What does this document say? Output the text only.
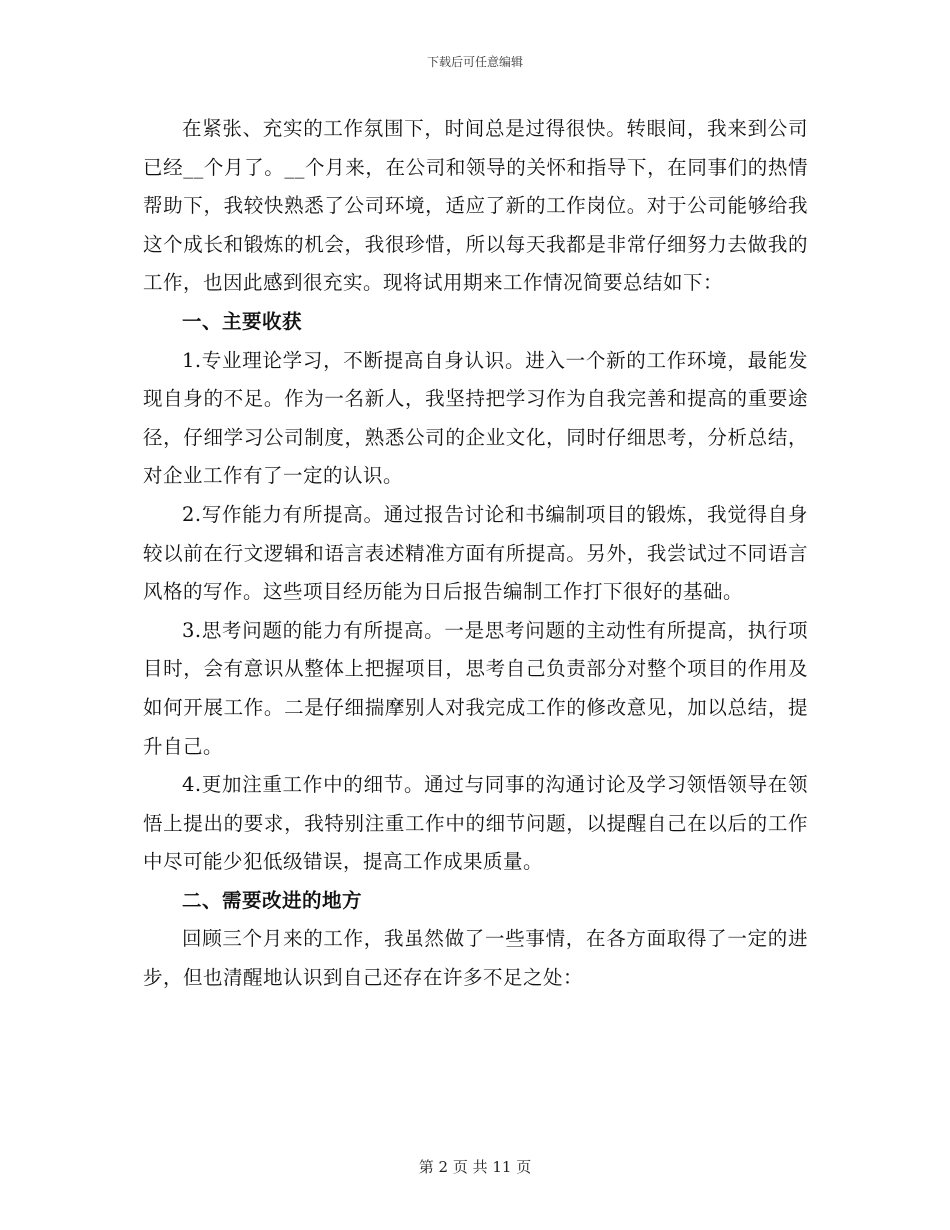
下载后可任意编辑

在紧张、充实的工作氛围下，时间总是过得很快。转眼间，我来到公司已经__个月了。__个月来，在公司和领导的关怀和指导下，在同事们的热情帮助下，我较快熟悉了公司环境，适应了新的工作岗位。对于公司能够给我这个成长和锻炼的机会，我很珍惜，所以每天我都是非常仔细努力去做我的工作，也因此感到很充实。现将试用期来工作情况简要总结如下：

一、主要收获

1.专业理论学习，不断提高自身认识。进入一个新的工作环境，最能发现自身的不足。作为一名新人，我坚持把学习作为自我完善和提高的重要途径，仔细学习公司制度，熟悉公司的企业文化，同时仔细思考，分析总结，对企业工作有了一定的认识。

2.写作能力有所提高。通过报告讨论和书编制项目的锻炼，我觉得自身较以前在行文逻辑和语言表述精准方面有所提高。另外，我尝试过不同语言风格的写作。这些项目经历能为日后报告编制工作打下很好的基础。

3.思考问题的能力有所提高。一是思考问题的主动性有所提高，执行项目时，会有意识从整体上把握项目，思考自己负责部分对整个项目的作用及如何开展工作。二是仔细揣摩别人对我完成工作的修改意见，加以总结，提升自己。

4.更加注重工作中的细节。通过与同事的沟通讨论及学习领悟领导在领悟上提出的要求，我特别注重工作中的细节问题，以提醒自己在以后的工作中尽可能少犯低级错误，提高工作成果质量。

二、需要改进的地方

回顾三个月来的工作，我虽然做了一些事情，在各方面取得了一定的进步，但也清醒地认识到自己还存在许多不足之处：

第 2 页 共 11 页
